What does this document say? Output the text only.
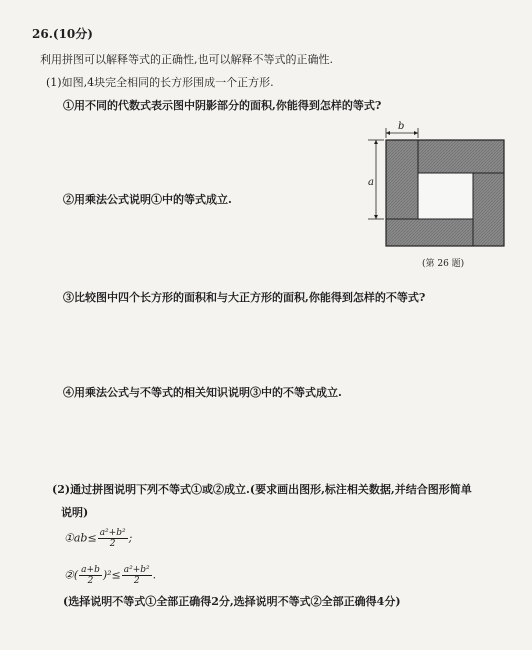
26.(10分)
利用拼图可以解释等式的正确性,也可以解释不等式的正确性.
(1)如图,4块完全相同的长方形围成一个正方形.
①用不同的代数式表示图中阴影部分的面积,你能得到怎样的等式?
②用乘法公式说明①中的等式成立.
③比较图中四个长方形的面积和与大正方形的面积,你能得到怎样的不等式?
④用乘法公式与不等式的相关知识说明③中的不等式成立.
b
a
(第 26 题)
(2)通过拼图说明下列不等式①或②成立.(要求画出图形,标注相关数据,并结合图形简单
说明)
①ab≤ $\frac{\text{a²+b²}}{2}$ ;
②( $\frac{a+b}{2} )^2\le \frac{\text{a²+b²}}{2}$ .
(选择说明不等式①全部正确得2分,选择说明不等式②全部正确得4分)
